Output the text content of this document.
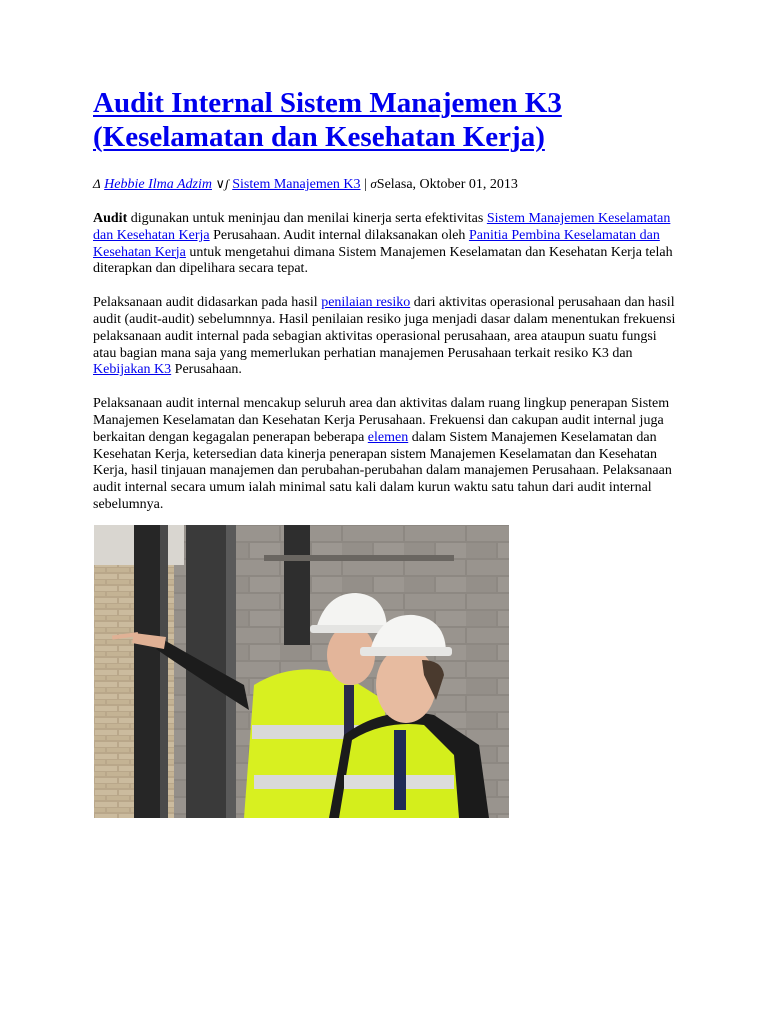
Audit Internal Sistem Manajemen K3
(Keselamatan dan Kesehatan Kerja)
Δ Hebbie Ilma Adzim ∨ʃ Sistem Manajemen K3 | σSelasa, Oktober 01, 2013

Audit digunakan untuk meninjau dan menilai kinerja serta efektivitas Sistem Manajemen Keselamatan dan Kesehatan Kerja Perusahaan. Audit internal dilaksanakan oleh Panitia Pembina Keselamatan dan Kesehatan Kerja untuk mengetahui dimana Sistem Manajemen Keselamatan dan Kesehatan Kerja telah diterapkan dan dipelihara secara tepat.

Pelaksanaan audit didasarkan pada hasil penilaian resiko dari aktivitas operasional perusahaan dan hasil audit (audit-audit) sebelumnnya. Hasil penilaian resiko juga menjadi dasar dalam menentukan frekuensi pelaksanaan audit internal pada sebagian aktivitas operasional perusahaan, area ataupun suatu fungsi atau bagian mana saja yang memerlukan perhatian manajemen Perusahaan terkait resiko K3 dan Kebijakan K3 Perusahaan.

Pelaksanaan audit internal mencakup seluruh area dan aktivitas dalam ruang lingkup penerapan Sistem Manajemen Keselamatan dan Kesehatan Kerja Perusahaan. Frekuensi dan cakupan audit internal juga berkaitan dengan kegagalan penerapan beberapa elemen dalam Sistem Manajemen Keselamatan dan Kesehatan Kerja, ketersedian data kinerja penerapan sistem Manajemen Keselamatan dan Kesehatan Kerja, hasil tinjauan manajemen dan perubahan-perubahan dalam manajemen Perusahaan. Pelaksanaan audit internal secara umum ialah minimal satu kali dalam kurun waktu satu tahun dari audit internal sebelumnya.
